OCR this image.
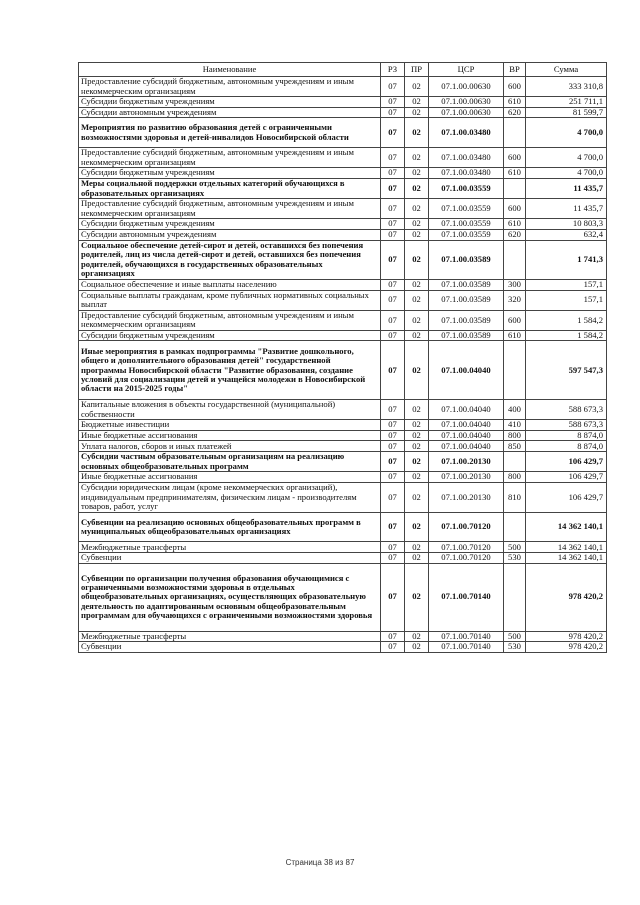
Наименование	РЗ	ПР	ЦСР	ВР	Сумма
Предоставление субсидий бюджетным, автономным учреждениям и иным некоммерческим организациям	07	02	07.1.00.00630	600	333 310,8
Субсидии бюджетным учреждениям	07	02	07.1.00.00630	610	251 711,1
Субсидии автономным учреждениям	07	02	07.1.00.00630	620	81 599,7
Мероприятия по развитию образования детей с ограниченными возможностями здоровья и детей-инвалидов Новосибирской области	07	02	07.1.00.03480		4 700,0
Предоставление субсидий бюджетным, автономным учреждениям и иным некоммерческим организациям	07	02	07.1.00.03480	600	4 700,0
Субсидии бюджетным учреждениям	07	02	07.1.00.03480	610	4 700,0
Меры социальной поддержки отдельных категорий обучающихся в образовательных организациях	07	02	07.1.00.03559		11 435,7
Предоставление субсидий бюджетным, автономным учреждениям и иным некоммерческим организациям	07	02	07.1.00.03559	600	11 435,7
Субсидии бюджетным учреждениям	07	02	07.1.00.03559	610	10 803,3
Субсидии автономным учреждениям	07	02	07.1.00.03559	620	632,4
Социальное обеспечение детей-сирот и детей, оставшихся без попечения родителей, лиц из числа детей-сирот и детей, оставшихся без попечения родителей, обучающихся в государственных образовательных организациях	07	02	07.1.00.03589		1 741,3
Социальное обеспечение и иные выплаты населению	07	02	07.1.00.03589	300	157,1
Социальные выплаты гражданам, кроме публичных нормативных социальных выплат	07	02	07.1.00.03589	320	157,1
Предоставление субсидий бюджетным, автономным учреждениям и иным некоммерческим организациям	07	02	07.1.00.03589	600	1 584,2
Субсидии бюджетным учреждениям	07	02	07.1.00.03589	610	1 584,2
Иные мероприятия в рамках подпрограммы "Развитие дошкольного, общего и дополнительного образования детей" государственной программы Новосибирской области "Развитие образования, создание условий для социализации детей и учащейся молодежи в Новосибирской области на 2015-2025 годы"	07	02	07.1.00.04040		597 547,3
Капитальные вложения в объекты государственной (муниципальной) собственности	07	02	07.1.00.04040	400	588 673,3
Бюджетные инвестиции	07	02	07.1.00.04040	410	588 673,3
Иные бюджетные ассигнования	07	02	07.1.00.04040	800	8 874,0
Уплата налогов, сборов и иных платежей	07	02	07.1.00.04040	850	8 874,0
Субсидии частным образовательным организациям на реализацию основных общеобразовательных программ	07	02	07.1.00.20130		106 429,7
Иные бюджетные ассигнования	07	02	07.1.00.20130	800	106 429,7
Субсидии юридическим лицам (кроме некоммерческих организаций), индивидуальным предпринимателям, физическим лицам - производителям товаров, работ, услуг	07	02	07.1.00.20130	810	106 429,7
Субвенции на реализацию основных общеобразовательных программ в муниципальных общеобразовательных организациях	07	02	07.1.00.70120		14 362 140,1
Межбюджетные трансферты	07	02	07.1.00.70120	500	14 362 140,1
Субвенции	07	02	07.1.00.70120	530	14 362 140,1
Субвенции по организации получения образования обучающимися с ограниченными возможностями здоровья в отдельных общеобразовательных организациях, осуществляющих образовательную деятельность по адаптированным основным общеобразовательным программам для обучающихся с ограниченными возможностями здоровья	07	02	07.1.00.70140		978 420,2
Межбюджетные трансферты	07	02	07.1.00.70140	500	978 420,2
Субвенции	07	02	07.1.00.70140	530	978 420,2
Страница 38 из 87
